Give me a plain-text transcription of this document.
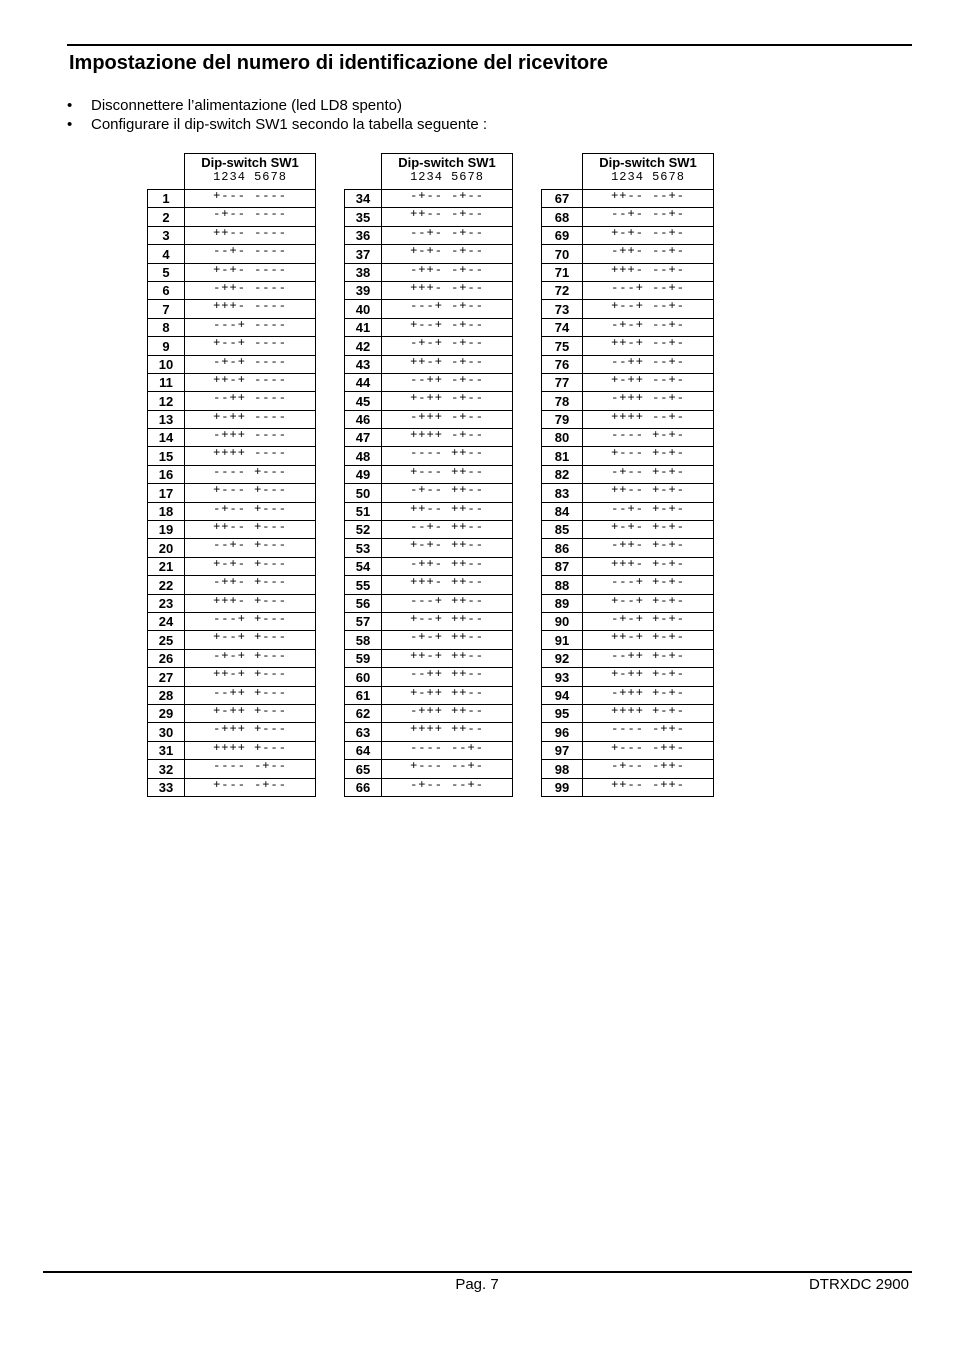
Impostazione del numero di identificazione del ricevitore
• Disconnettere l’alimentazione (led LD8 spento)
• Configurare il dip-switch SW1 secondo la tabella seguente :
	Dip-switch SW1
1234 5678

1	+--- ----
2	-+-- ----
3	++-- ----
4	--+- ----
5	+-+- ----
6	-++- ----
7	+++- ----
8	---+ ----
9	+--+ ----
10	-+-+ ----
11	++-+ ----
12	--++ ----
13	+-++ ----
14	-+++ ----
15	++++ ----
16	---- +---
17	+--- +---
18	-+-- +---
19	++-- +---
20	--+- +---
21	+-+- +---
22	-++- +---
23	+++- +---
24	---+ +---
25	+--+ +---
26	-+-+ +---
27	++-+ +---
28	--++ +---
29	+-++ +---
30	-+++ +---
31	++++ +---
32	---- -+--
33	+--- -+--
	Dip-switch SW1
1234 5678

34	-+-- -+--
35	++-- -+--
36	--+- -+--
37	+-+- -+--
38	-++- -+--
39	+++- -+--
40	---+ -+--
41	+--+ -+--
42	-+-+ -+--
43	++-+ -+--
44	--++ -+--
45	+-++ -+--
46	-+++ -+--
47	++++ -+--
48	---- ++--
49	+--- ++--
50	-+-- ++--
51	++-- ++--
52	--+- ++--
53	+-+- ++--
54	-++- ++--
55	+++- ++--
56	---+ ++--
57	+--+ ++--
58	-+-+ ++--
59	++-+ ++--
60	--++ ++--
61	+-++ ++--
62	-+++ ++--
63	++++ ++--
64	---- --+-
65	+--- --+-
66	-+-- --+-
	Dip-switch SW1
1234 5678

67	++-- --+-
68	--+- --+-
69	+-+- --+-
70	-++- --+-
71	+++- --+-
72	---+ --+-
73	+--+ --+-
74	-+-+ --+-
75	++-+ --+-
76	--++ --+-
77	+-++ --+-
78	-+++ --+-
79	++++ --+-
80	---- +-+-
81	+--- +-+-
82	-+-- +-+-
83	++-- +-+-
84	--+- +-+-
85	+-+- +-+-
86	-++- +-+-
87	+++- +-+-
88	---+ +-+-
89	+--+ +-+-
90	-+-+ +-+-
91	++-+ +-+-
92	--++ +-+-
93	+-++ +-+-
94	-+++ +-+-
95	++++ +-+-
96	---- -++-
97	+--- -++-
98	-+-- -++-
99	++-- -++-
Pag. 7	DTRXDC 2900
